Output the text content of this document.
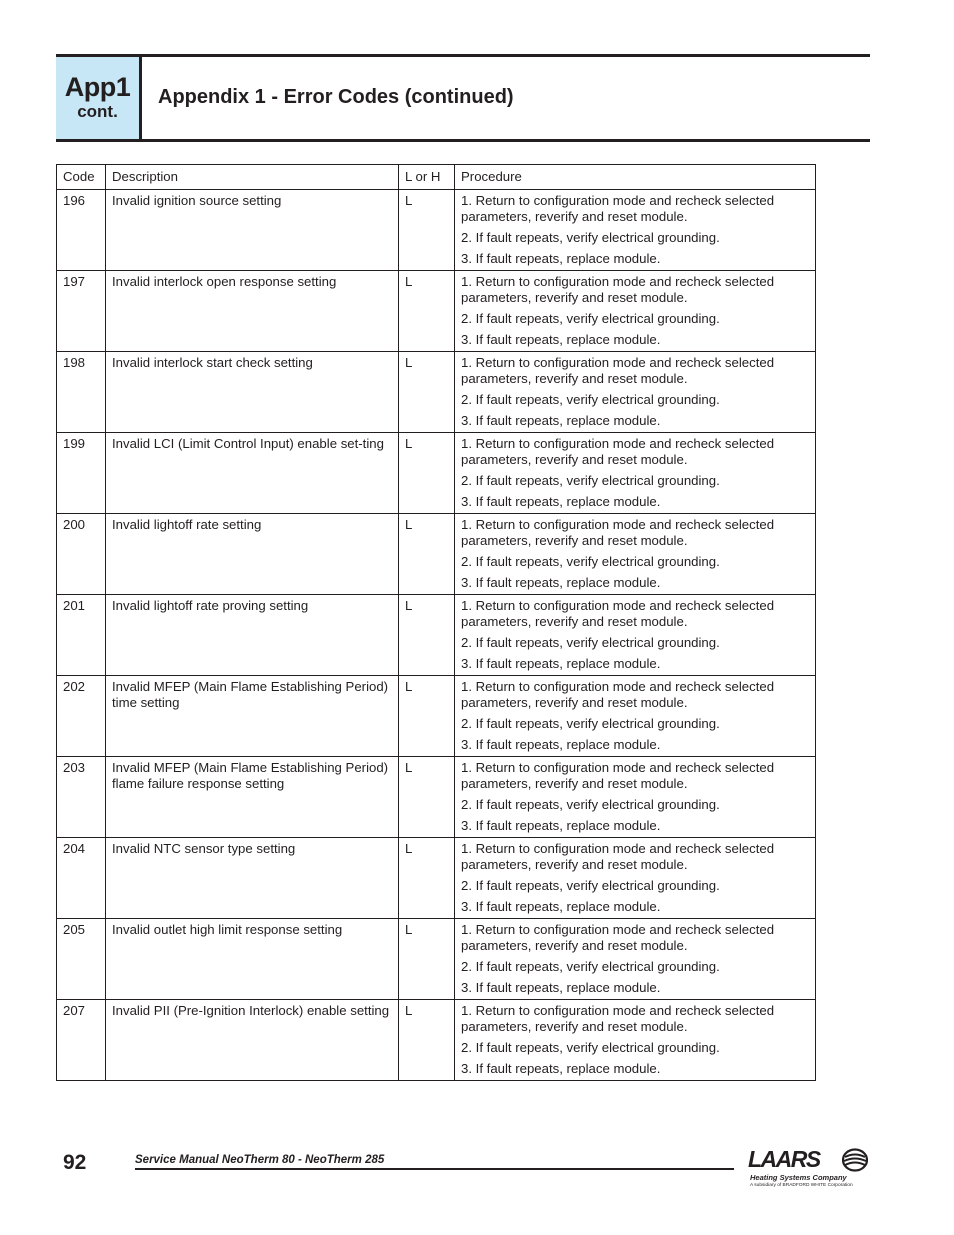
App1
cont.
Appendix 1 - Error Codes (continued)
Code	Description	L or H	Procedure
196	Invalid ignition source setting	L	1. Return to configuration mode and recheck selected parameters, reverify and reset module.
2. If fault repeats, verify electrical grounding.
3. If fault repeats, replace module.

197	Invalid interlock open response setting	L	1. Return to configuration mode and recheck selected parameters, reverify and reset module.
2. If fault repeats, verify electrical grounding.
3. If fault repeats, replace module.

198	Invalid interlock start check setting	L	1. Return to configuration mode and recheck selected parameters, reverify and reset module.
2. If fault repeats, verify electrical grounding.
3. If fault repeats, replace module.

199	Invalid LCI (Limit Control Input) enable set-ting	L	1. Return to configuration mode and recheck selected parameters, reverify and reset module.
2. If fault repeats, verify electrical grounding.
3. If fault repeats, replace module.

200	Invalid lightoff rate setting	L	1. Return to configuration mode and recheck selected parameters, reverify and reset module.
2. If fault repeats, verify electrical grounding.
3. If fault repeats, replace module.

201	Invalid lightoff rate proving setting	L	1. Return to configuration mode and recheck selected parameters, reverify and reset module.
2. If fault repeats, verify electrical grounding.
3. If fault repeats, replace module.

202	Invalid MFEP (Main Flame Establishing Period) time setting	L	1. Return to configuration mode and recheck selected parameters, reverify and reset module.
2. If fault repeats, verify electrical grounding.
3. If fault repeats, replace module.

203	Invalid MFEP (Main Flame Establishing Period) flame failure response setting	L	1. Return to configuration mode and recheck selected parameters, reverify and reset module.
2. If fault repeats, verify electrical grounding.
3. If fault repeats, replace module.

204	Invalid NTC sensor type setting	L	1. Return to configuration mode and recheck selected parameters, reverify and reset module.
2. If fault repeats, verify electrical grounding.
3. If fault repeats, replace module.

205	Invalid outlet high limit response setting	L	1. Return to configuration mode and recheck selected parameters, reverify and reset module.
2. If fault repeats, verify electrical grounding.
3. If fault repeats, replace module.

207	Invalid PII (Pre-Ignition Interlock) enable setting	L	1. Return to configuration mode and recheck selected parameters, reverify and reset module.
2. If fault repeats, verify electrical grounding.
3. If fault repeats, replace module.
92	Service Manual NeoTherm 80 - NeoTherm 285	LAARS
Heating Systems Company
A subsidiary of BRADFORD WHITE Corporation
